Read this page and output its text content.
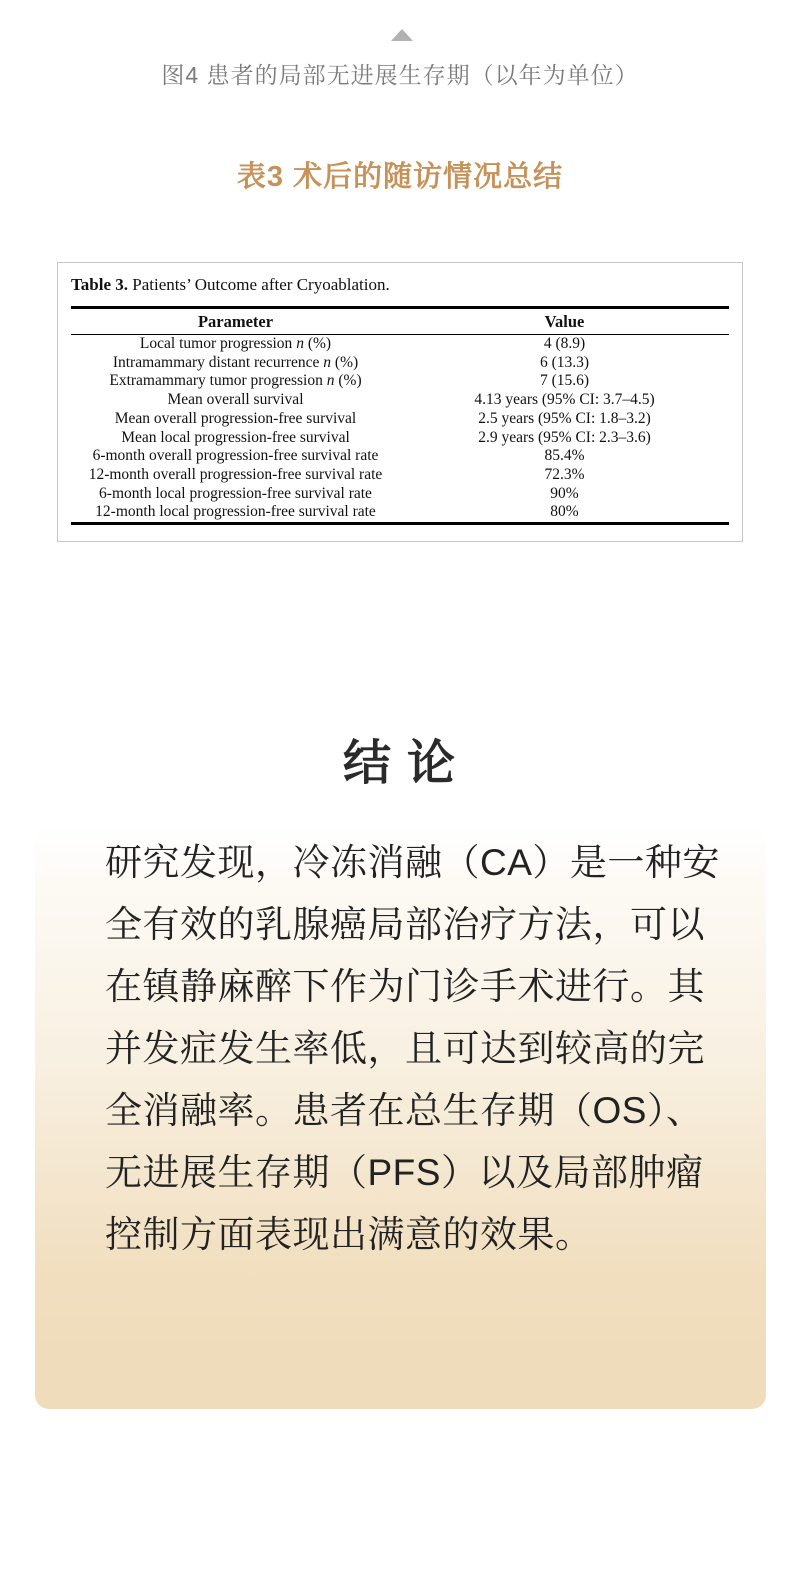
图4 患者的局部无进展生存期（以年为单位）
表3 术后的随访情况总结
Table 3. Patients’ Outcome after Cryoablation.
Parameter	Value
Local tumor progression n (%)	4 (8.9)
Intramammary distant recurrence n (%)	6 (13.3)
Extramammary tumor progression n (%)	7 (15.6)
Mean overall survival	4.13 years (95% CI: 3.7–4.5)
Mean overall progression-free survival	2.5 years (95% CI: 1.8–3.2)
Mean local progression-free survival	2.9 years (95% CI: 2.3–3.6)
6-month overall progression-free survival rate	85.4%
12-month overall progression-free survival rate	72.3%
6-month local progression-free survival rate	90%
12-month local progression-free survival rate	80%
结 论
研究发现，冷冻消融（CA）是一种安
全有效的乳腺癌局部治疗方法，可以
在镇静麻醉下作为门诊手术进行。其
并发症发生率低，且可达到较高的完
全消融率。患者在总生存期（OS）、
无进展生存期（PFS）以及局部肿瘤
控制方面表现出满意的效果。
